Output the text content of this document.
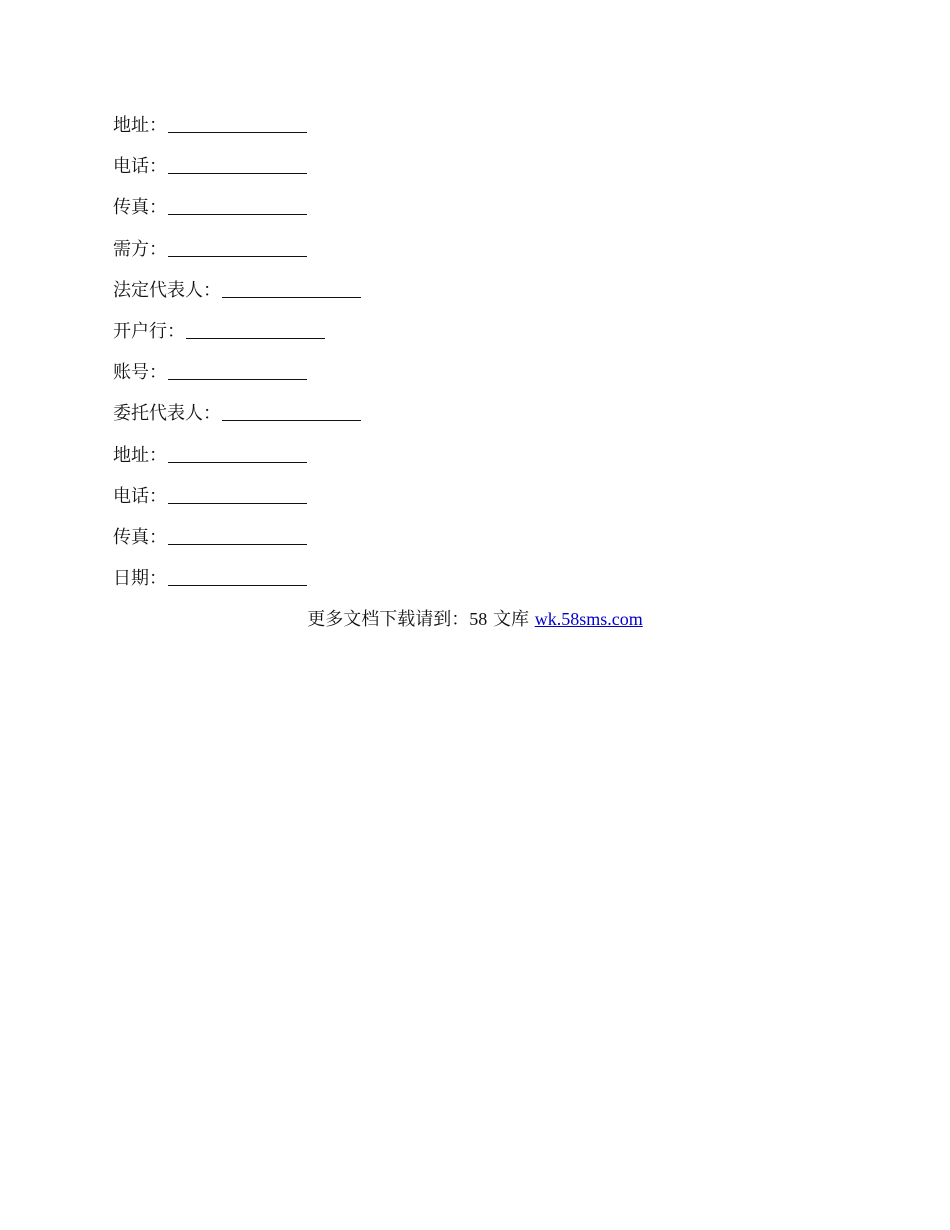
地址：
电话：
传真：
需方：
法定代表人：
开户行：
账号：
委托代表人：
地址：
电话：
传真：
日期：
更多文档下载请到：58 文库 wk.58sms.com
